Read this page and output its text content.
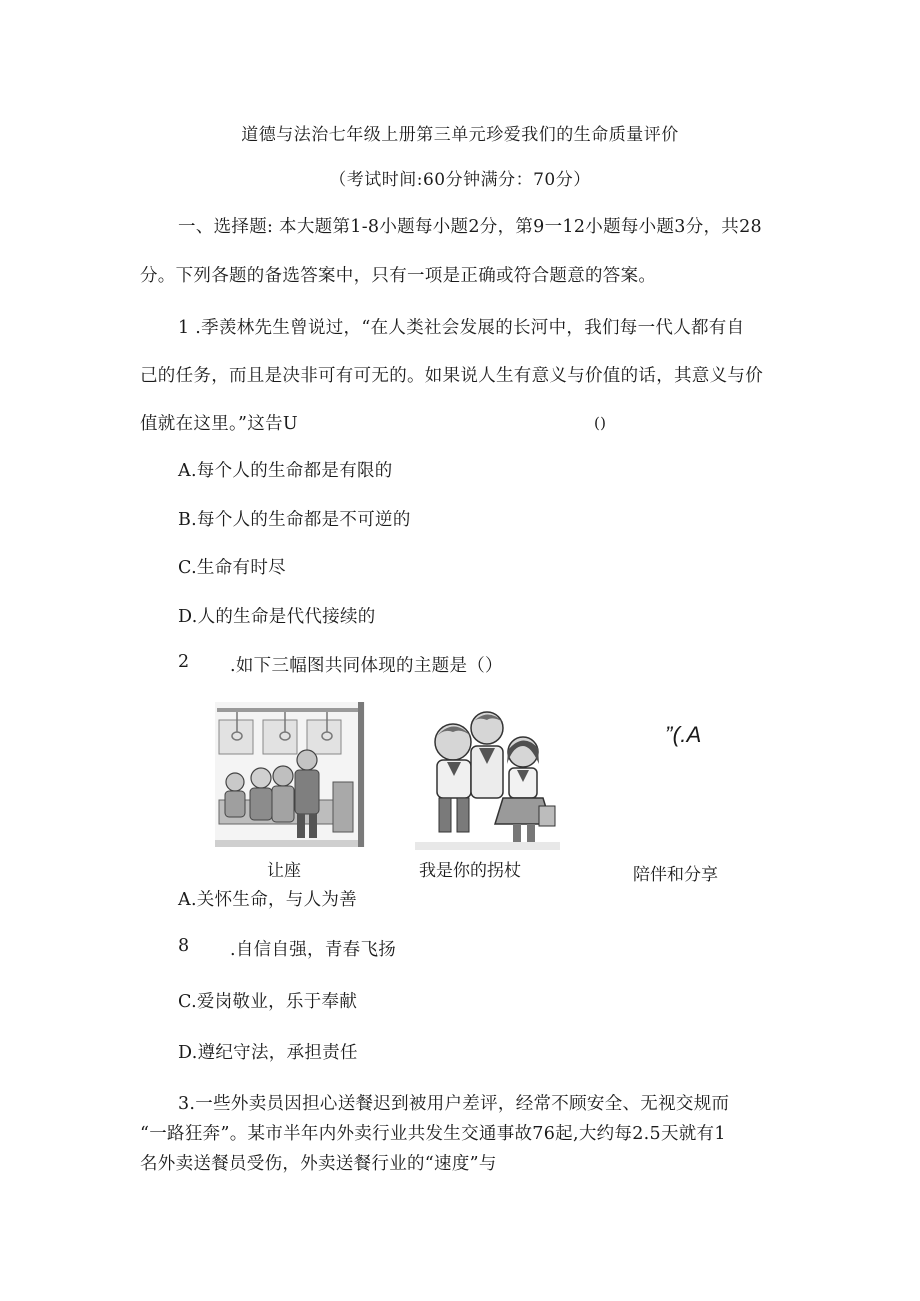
道德与法治七年级上册第三单元珍爱我们的生命质量评价
（考试时间:60分钟满分：70分）
一、选择题: 本大题第1-8小题每小题2分，第9一12小题每小题3分，共28
分。下列各题的备选答案中，只有一项是正确或符合题意的答案。
1 .季羡林先生曾说过，“在人类社会发展的长河中，我们每一代人都有自
己的任务，而且是决非可有可无的。如果说人生有意义与价值的话，其意义与价
值就在这里。”这告U	()
A.每个人的生命都是有限的
B.每个人的生命都是不可逆的
C.生命有时尽
D.人的生命是代代接续的
2 .如下三幅图共同体现的主题是（）
”(.A
让座	我是你的拐杖	陪伴和分享
A.关怀生命，与人为善
8 .自信自强，青春飞扬
C.爱岗敬业，乐于奉献
D.遵纪守法，承担责任
3.一些外卖员因担心送餐迟到被用户差评，经常不顾安全、无视交规而
“一路狂奔”。某市半年内外卖行业共发生交通事故76起,大约每2.5天就有1
名外卖送餐员受伤，外卖送餐行业的“速度”与
